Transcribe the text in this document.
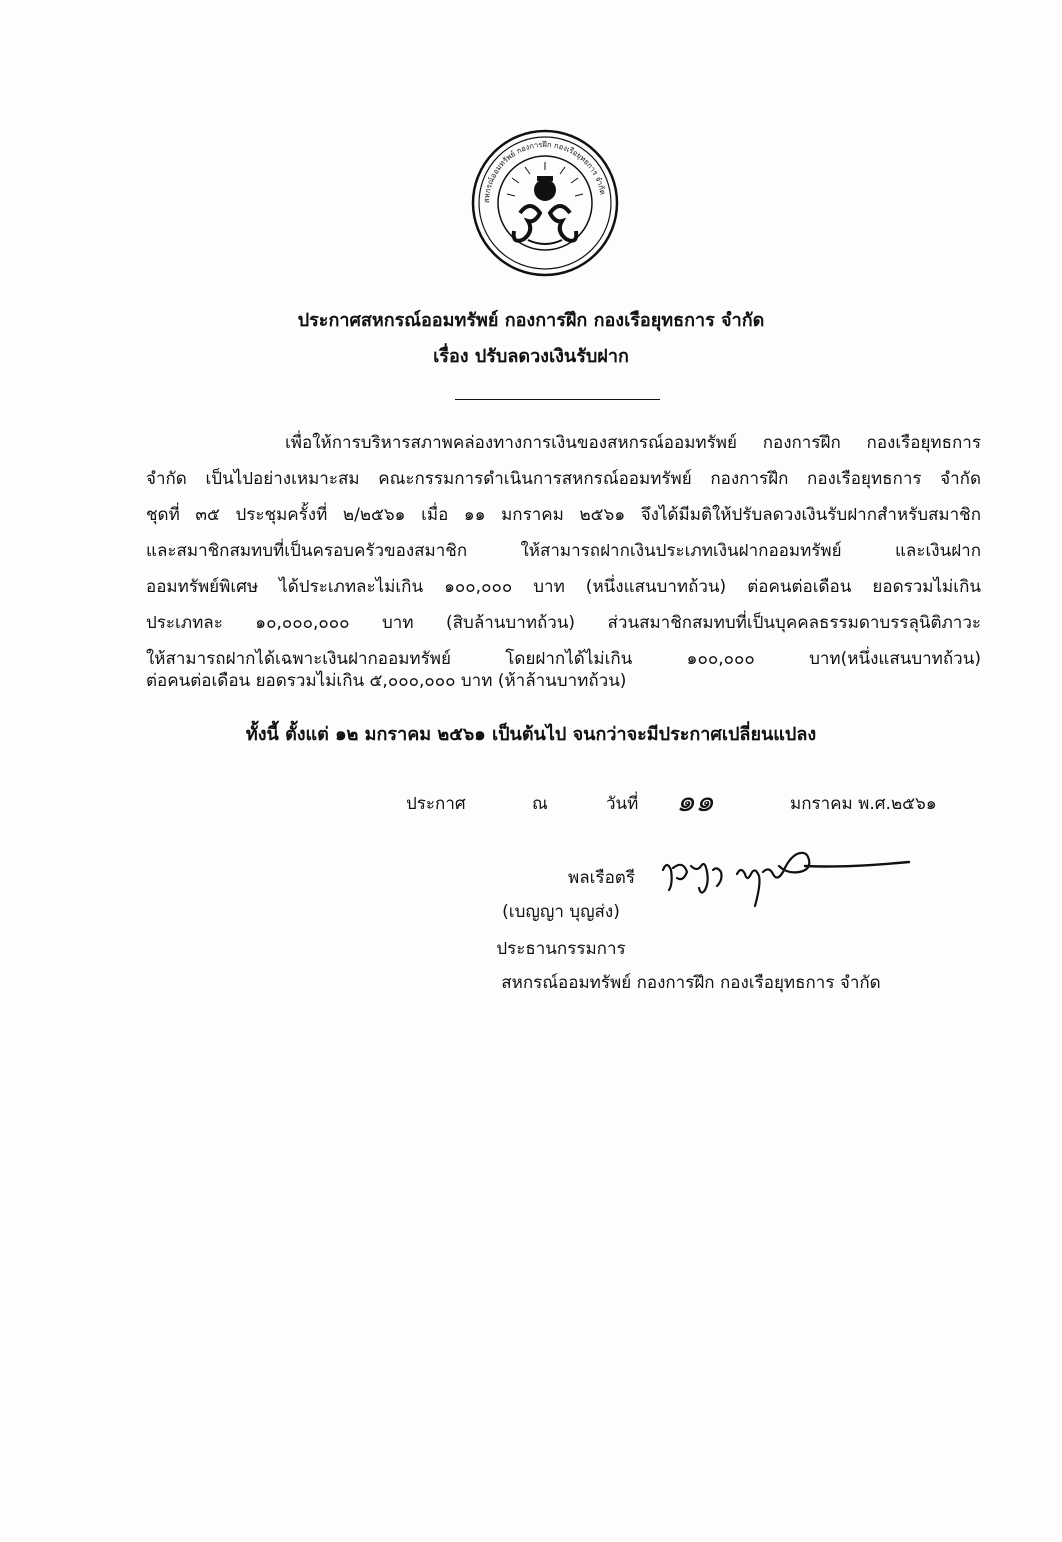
สหกรณ์ออมทรัพย์ กองการฝึก กองเรือยุทธการ จำกัด
ประกาศสหกรณ์ออมทรัพย์ กองการฝึก กองเรือยุทธการ จำกัด
เรื่อง ปรับลดวงเงินรับฝาก
เพื่อให้การบริหารสภาพคล่องทางการเงินของสหกรณ์ออมทรัพย์ กองการฝึก กองเรือยุทธการ
จำกัด เป็นไปอย่างเหมาะสม คณะกรรมการดำเนินการสหกรณ์ออมทรัพย์ กองการฝึก กองเรือยุทธการ จำกัด
ชุดที่ ๓๕ ประชุมครั้งที่ ๒/๒๕๖๑ เมื่อ ๑๑ มกราคม ๒๕๖๑ จึงได้มีมติให้ปรับลดวงเงินรับฝากสำหรับสมาชิก
และสมาชิกสมทบที่เป็นครอบครัวของสมาชิก ให้สามารถฝากเงินประเภทเงินฝากออมทรัพย์ และเงินฝาก
ออมทรัพย์พิเศษ ได้ประเภทละไม่เกิน ๑๐๐,๐๐๐ บาท (หนึ่งแสนบาทถ้วน) ต่อคนต่อเดือน ยอดรวมไม่เกิน
ประเภทละ ๑๐,๐๐๐,๐๐๐ บาท (สิบล้านบาทถ้วน) ส่วนสมาชิกสมทบที่เป็นบุคคลธรรมดาบรรลุนิติภาวะ
ให้สามารถฝากได้เฉพาะเงินฝากออมทรัพย์ โดยฝากได้ไม่เกิน ๑๐๐,๐๐๐ บาท(หนึ่งแสนบาทถ้วน)
ต่อคนต่อเดือน ยอดรวมไม่เกิน ๕,๐๐๐,๐๐๐ บาท (ห้าล้านบาทถ้วน)
ทั้งนี้ ตั้งแต่ ๑๒ มกราคม ๒๕๖๑ เป็นต้นไป จนกว่าจะมีประกาศเปลี่ยนแปลง
ประกาศ	ณ	วันที่ ๑๑	มกราคม พ.ศ.๒๕๖๑
พลเรือตรี
(เบญญา บุญส่ง)
ประธานกรรมการ
สหกรณ์ออมทรัพย์ กองการฝึก กองเรือยุทธการ จำกัด
